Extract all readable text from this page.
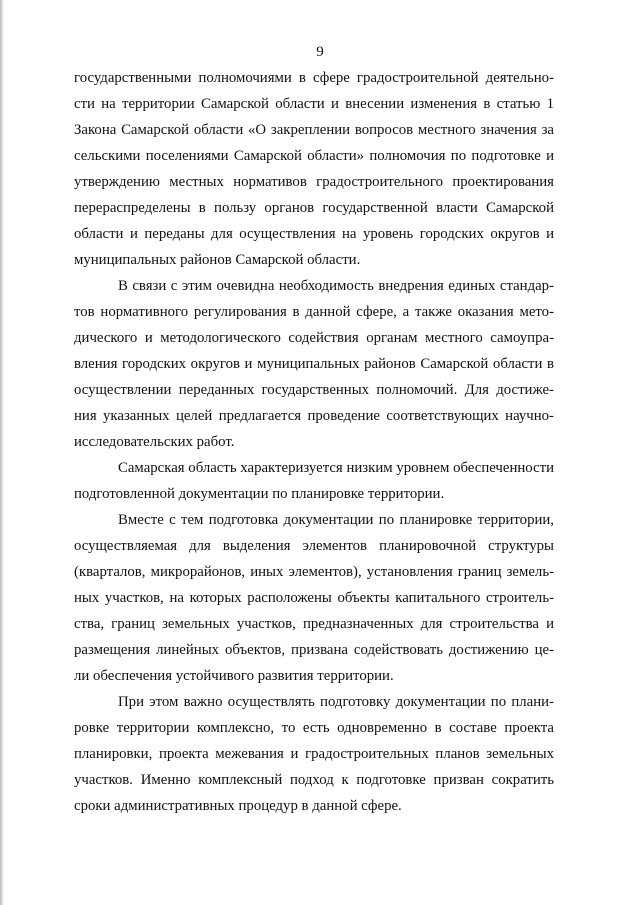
9
государственными полномочиями в сфере градостроительной деятельно-
сти на территории Самарской области и внесении изменения в статью 1
Закона Самарской области «О закреплении вопросов местного значения за
сельскими поселениями Самарской области» полномочия по подготовке и
утверждению местных нормативов градостроительного проектирования
перераспределены в пользу органов государственной власти Самарской
области и переданы для осуществления на уровень городских округов и
муниципальных районов Самарской области.
В связи с этим очевидна необходимость внедрения единых стандар-
тов нормативного регулирования в данной сфере, а также оказания мето-
дического и методологического содействия органам местного самоупра-
вления городских округов и муниципальных районов Самарской области в
осуществлении переданных государственных полномочий. Для достиже-
ния указанных целей предлагается проведение соответствующих научно-
исследовательских работ.
Самарская область характеризуется низким уровнем обеспеченности
подготовленной документации по планировке территории.
Вместе с тем подготовка документации по планировке территории,
осуществляемая для выделения элементов планировочной структуры
(кварталов, микрорайонов, иных элементов), установления границ земель-
ных участков, на которых расположены объекты капитального строитель-
ства, границ земельных участков, предназначенных для строительства и
размещения линейных объектов, призвана содействовать достижению це-
ли обеспечения устойчивого развития территории.
При этом важно осуществлять подготовку документации по плани-
ровке территории комплексно, то есть одновременно в составе проекта
планировки, проекта межевания и градостроительных планов земельных
участков. Именно комплексный подход к подготовке призван сократить
сроки административных процедур в данной сфере.
